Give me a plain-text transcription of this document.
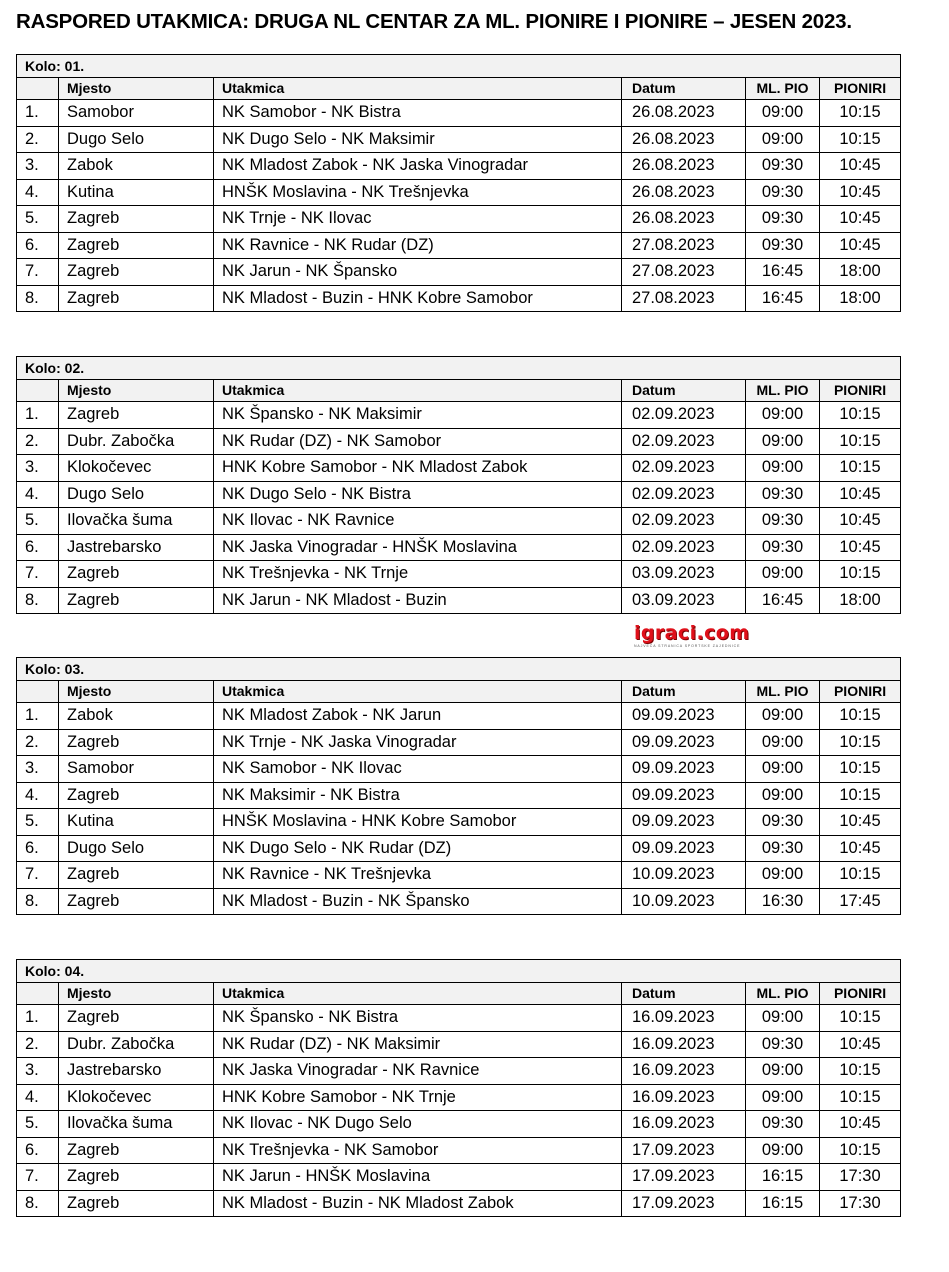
RASPORED UTAKMICA: DRUGA NL CENTAR ZA ML. PIONIRE I PIONIRE – JESEN 2023.
Kolo: 01.					
	Mjesto	Utakmica	Datum	ML. PIO	PIONIRI
1.	Samobor	NK Samobor - NK Bistra	26.08.2023	09:00	10:15
2.	Dugo Selo	NK Dugo Selo - NK Maksimir	26.08.2023	09:00	10:15
3.	Zabok	NK Mladost Zabok - NK Jaska Vinogradar	26.08.2023	09:30	10:45
4.	Kutina	HNŠK Moslavina - NK Trešnjevka	26.08.2023	09:30	10:45
5.	Zagreb	NK Trnje - NK Ilovac	26.08.2023	09:30	10:45
6.	Zagreb	NK Ravnice - NK Rudar (DZ)	27.08.2023	09:30	10:45
7.	Zagreb	NK Jarun - NK Špansko	27.08.2023	16:45	18:00
8.	Zagreb	NK Mladost - Buzin - HNK Kobre Samobor	27.08.2023	16:45	18:00
Kolo: 02.					
	Mjesto	Utakmica	Datum	ML. PIO	PIONIRI
1.	Zagreb	NK Špansko - NK Maksimir	02.09.2023	09:00	10:15
2.	Dubr. Zabočka	NK Rudar (DZ) - NK Samobor	02.09.2023	09:00	10:15
3.	Klokočevec	HNK Kobre Samobor - NK Mladost Zabok	02.09.2023	09:00	10:15
4.	Dugo Selo	NK Dugo Selo - NK Bistra	02.09.2023	09:30	10:45
5.	Ilovačka šuma	NK Ilovac - NK Ravnice	02.09.2023	09:30	10:45
6.	Jastrebarsko	NK Jaska Vinogradar - HNŠK Moslavina	02.09.2023	09:30	10:45
7.	Zagreb	NK Trešnjevka - NK Trnje	03.09.2023	09:00	10:15
8.	Zagreb	NK Jarun - NK Mladost - Buzin	03.09.2023	16:45	18:00
igraci.com
NAJVEĆA STRANICA SPORTSKE ZAJEDNICE
Kolo: 03.					
	Mjesto	Utakmica	Datum	ML. PIO	PIONIRI
1.	Zabok	NK Mladost Zabok - NK Jarun	09.09.2023	09:00	10:15
2.	Zagreb	NK Trnje - NK Jaska Vinogradar	09.09.2023	09:00	10:15
3.	Samobor	NK Samobor - NK Ilovac	09.09.2023	09:00	10:15
4.	Zagreb	NK Maksimir - NK Bistra	09.09.2023	09:00	10:15
5.	Kutina	HNŠK Moslavina - HNK Kobre Samobor	09.09.2023	09:30	10:45
6.	Dugo Selo	NK Dugo Selo - NK Rudar (DZ)	09.09.2023	09:30	10:45
7.	Zagreb	NK Ravnice - NK Trešnjevka	10.09.2023	09:00	10:15
8.	Zagreb	NK Mladost - Buzin - NK Špansko	10.09.2023	16:30	17:45
Kolo: 04.					
	Mjesto	Utakmica	Datum	ML. PIO	PIONIRI
1.	Zagreb	NK Špansko - NK Bistra	16.09.2023	09:00	10:15
2.	Dubr. Zabočka	NK Rudar (DZ) - NK Maksimir	16.09.2023	09:30	10:45
3.	Jastrebarsko	NK Jaska Vinogradar - NK Ravnice	16.09.2023	09:00	10:15
4.	Klokočevec	HNK Kobre Samobor - NK Trnje	16.09.2023	09:00	10:15
5.	Ilovačka šuma	NK Ilovac - NK Dugo Selo	16.09.2023	09:30	10:45
6.	Zagreb	NK Trešnjevka - NK Samobor	17.09.2023	09:00	10:15
7.	Zagreb	NK Jarun - HNŠK Moslavina	17.09.2023	16:15	17:30
8.	Zagreb	NK Mladost - Buzin - NK Mladost Zabok	17.09.2023	16:15	17:30
